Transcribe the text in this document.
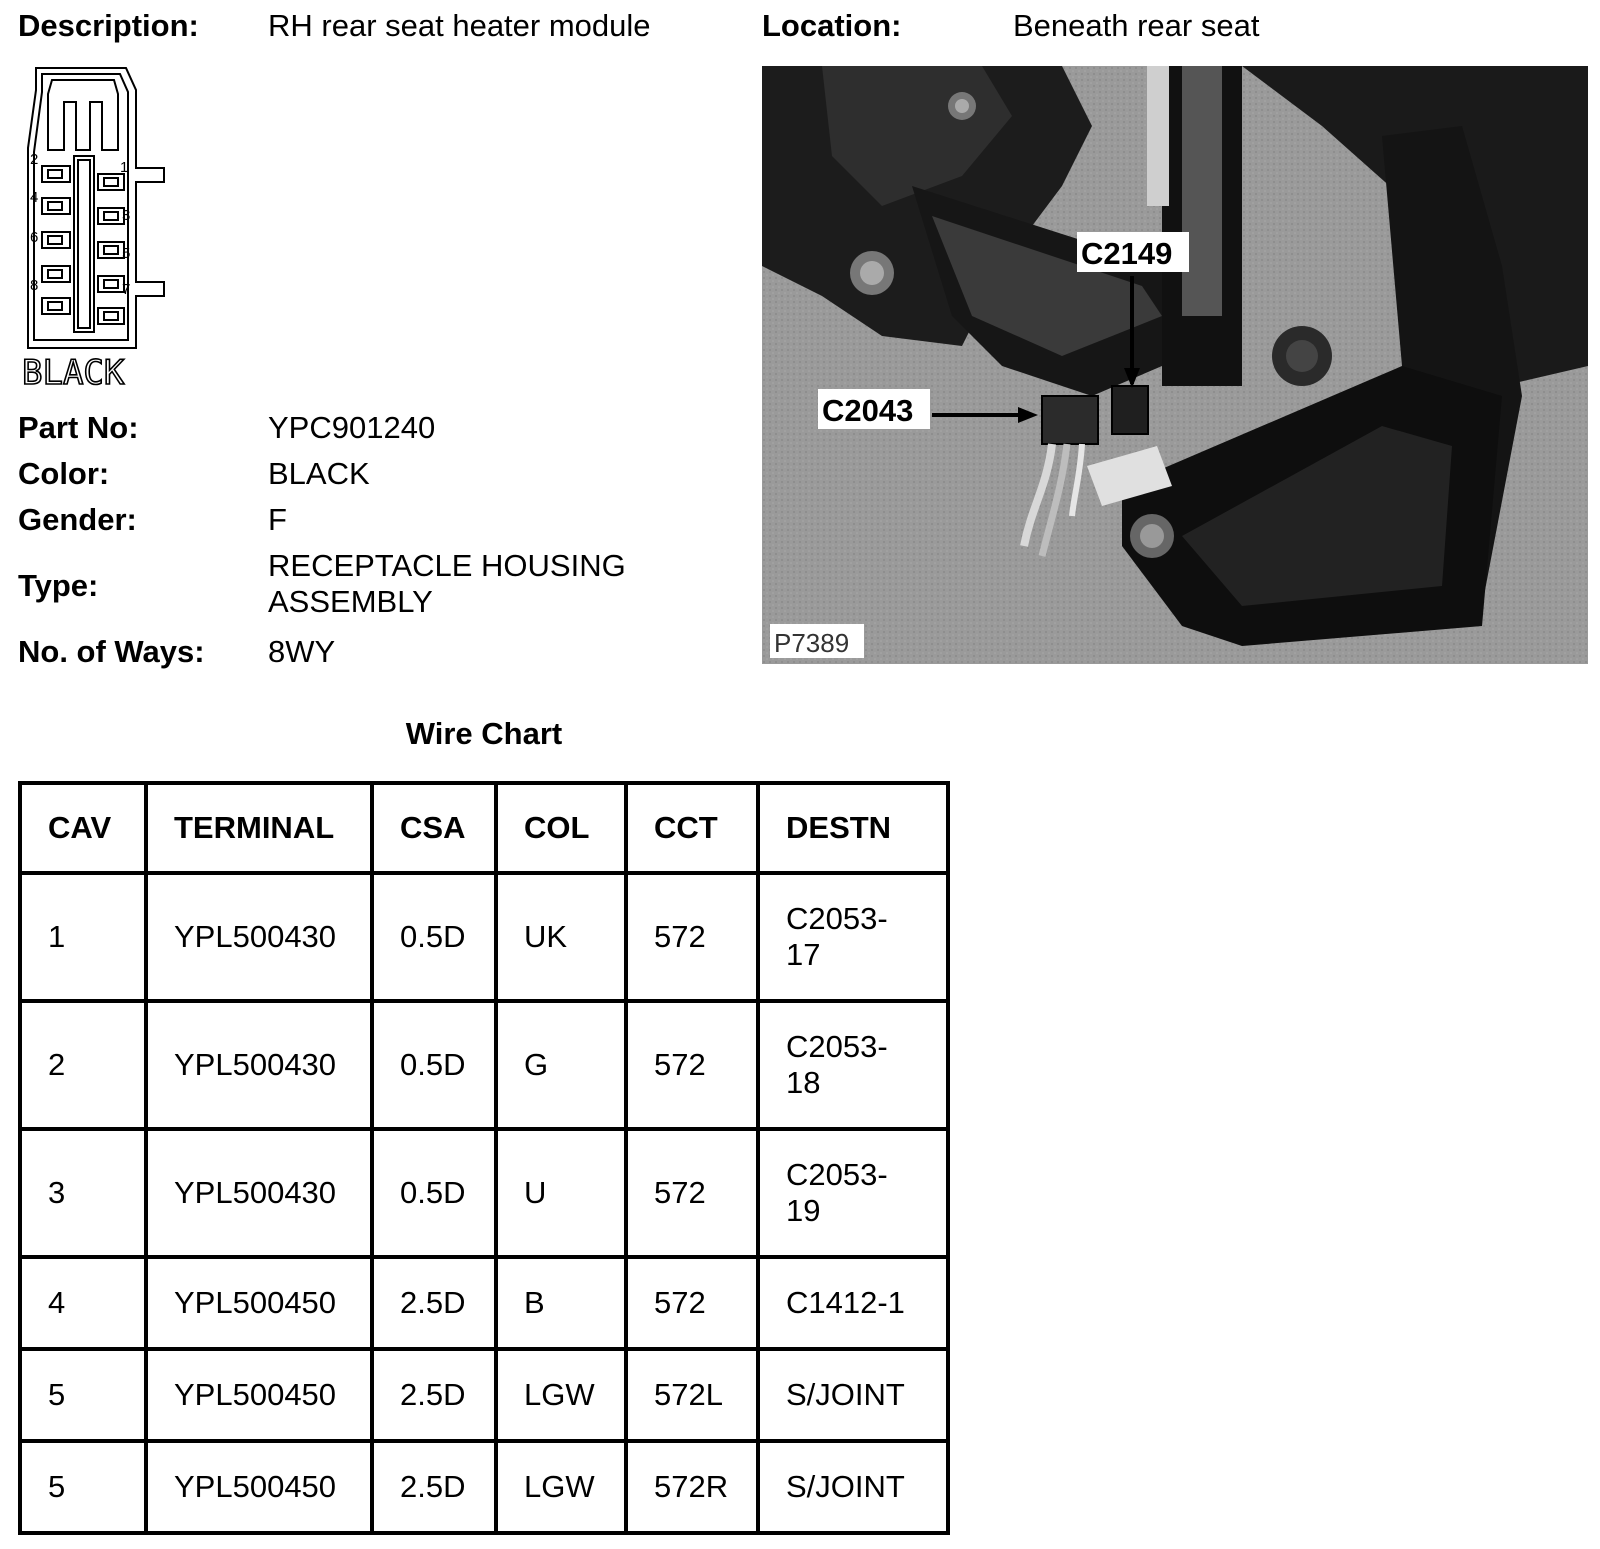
Description: RH rear seat heater module	Location:	Beneath rear seat
2	1
4
3
6
5
8	7
BLACK
Part No:	YPC901240
Color:	BLACK
Gender:	F
Type:
RECEPTACLE HOUSING
ASSEMBLY
No. of Ways: 8WY
C2149
C2043
P7389
Wire Chart
CAV	TERMINAL	CSA	COL	CCT	DESTN
1	YPL500430	0.5D	UK	572	C2053-
17

2	YPL500430	0.5D	G	572	C2053-
18

3	YPL500430	0.5D	U	572	C2053-
19

4	YPL500450	2.5D	B	572	C1412-1
5	YPL500450	2.5D	LGW	572L	S/JOINT
5	YPL500450	2.5D	LGW	572R	S/JOINT
